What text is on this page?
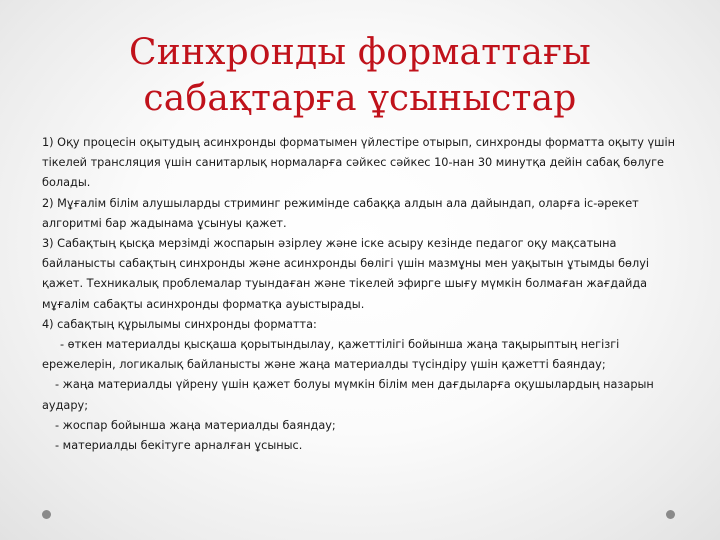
Синхронды форматтағы
сабақтарға ұсыныстар

1) Оқу процесін оқытудың асинхронды форматымен үйлестіре отырып, синхронды форматта оқыту үшін тікелей трансляция үшін санитарлық нормаларға сәйкес сәйкес 10-нан 30 минутқа дейін сабақ бөлуге болады.

2) Мұғалім білім алушыларды стриминг режимінде сабаққа алдын ала дайындап, оларға іс-әрекет алгоритмі бар жадынама ұсынуы қажет.

3) Сабақтың қысқа мерзімді жоспарын әзірлеу және іске асыру кезінде педагог оқу мақсатына байланысты сабақтың синхронды және асинхронды бөлігі үшін мазмұны мен уақытын ұтымды бөлуі қажет. Техникалық проблемалар туындаған және тікелей эфирге шығу мүмкін болмаған жағдайда мұғалім сабақты асинхронды форматқа ауыстырады.

4) сабақтың құрылымы синхронды форматта:

- өткен материалды қысқаша қорытындылау, қажеттілігі бойынша жаңа тақырыптың негізгі ережелерін, логикалық байланысты және жаңа материалды түсіндіру үшін қажетті баяндау;

- жаңа материалды үйрену үшін қажет болуы мүмкін білім мен дағдыларға оқушылардың назарын аудару;

- жоспар бойынша жаңа материалды баяндау;

- материалды бекітуге арналған ұсыныс.
